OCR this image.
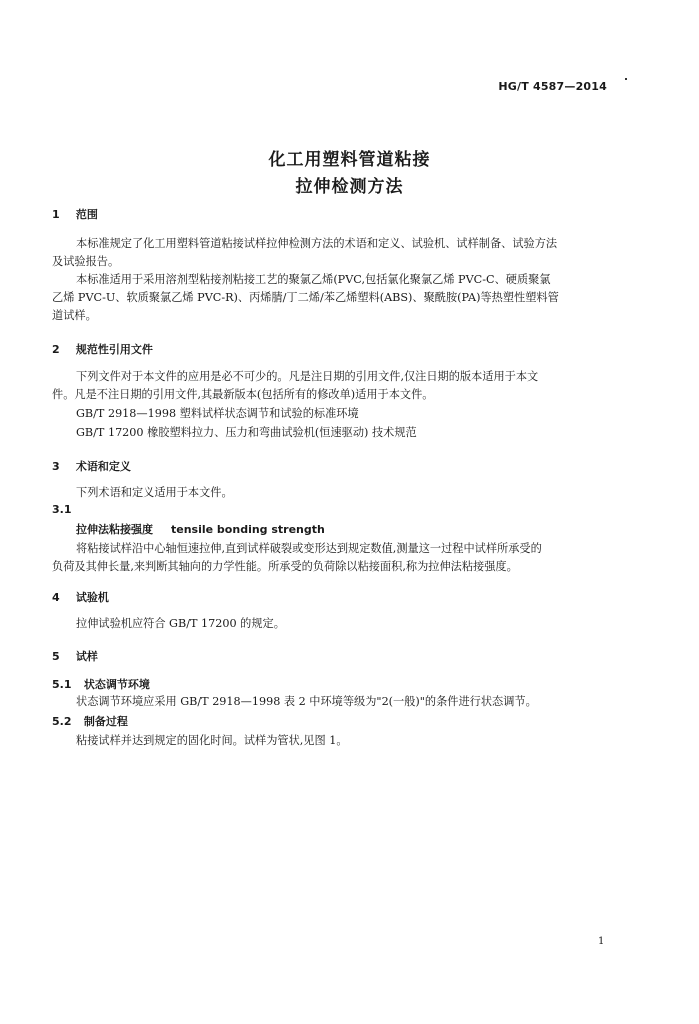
HG/T 4587—2014
化工用塑料管道粘接
拉伸检测方法
1 范围
本标准规定了化工用塑料管道粘接试样拉伸检测方法的术语和定义、试验机、试样制备、试验方法
及试验报告。
本标准适用于采用溶剂型粘接剂粘接工艺的聚氯乙烯(PVC,包括氯化聚氯乙烯 PVC-C、硬质聚氯
乙烯 PVC-U、软质聚氯乙烯 PVC-R)、丙烯腈/丁二烯/苯乙烯塑料(ABS)、聚酰胺(PA)等热塑性塑料管
道试样。
2 规范性引用文件
下列文件对于本文件的应用是必不可少的。凡是注日期的引用文件,仅注日期的版本适用于本文
件。凡是不注日期的引用文件,其最新版本(包括所有的修改单)适用于本文件。
GB/T 2918—1998 塑料试样状态调节和试验的标准环境
GB/T 17200 橡胶塑料拉力、压力和弯曲试验机(恒速驱动) 技术规范
3 术语和定义
下列术语和定义适用于本文件。
3.1
拉伸法粘接强度 tensile bonding strength
将粘接试样沿中心轴恒速拉伸,直到试样破裂或变形达到规定数值,测量这一过程中试样所承受的
负荷及其伸长量,来判断其轴向的力学性能。所承受的负荷除以粘接面积,称为拉伸法粘接强度。
4 试验机
拉伸试验机应符合 GB/T 17200 的规定。
5 试样
5.1 状态调节环境
状态调节环境应采用 GB/T 2918—1998 表 2 中环境等级为"2(一般)"的条件进行状态调节。
5.2 制备过程
粘接试样并达到规定的固化时间。试样为管状,见图 1。
1
